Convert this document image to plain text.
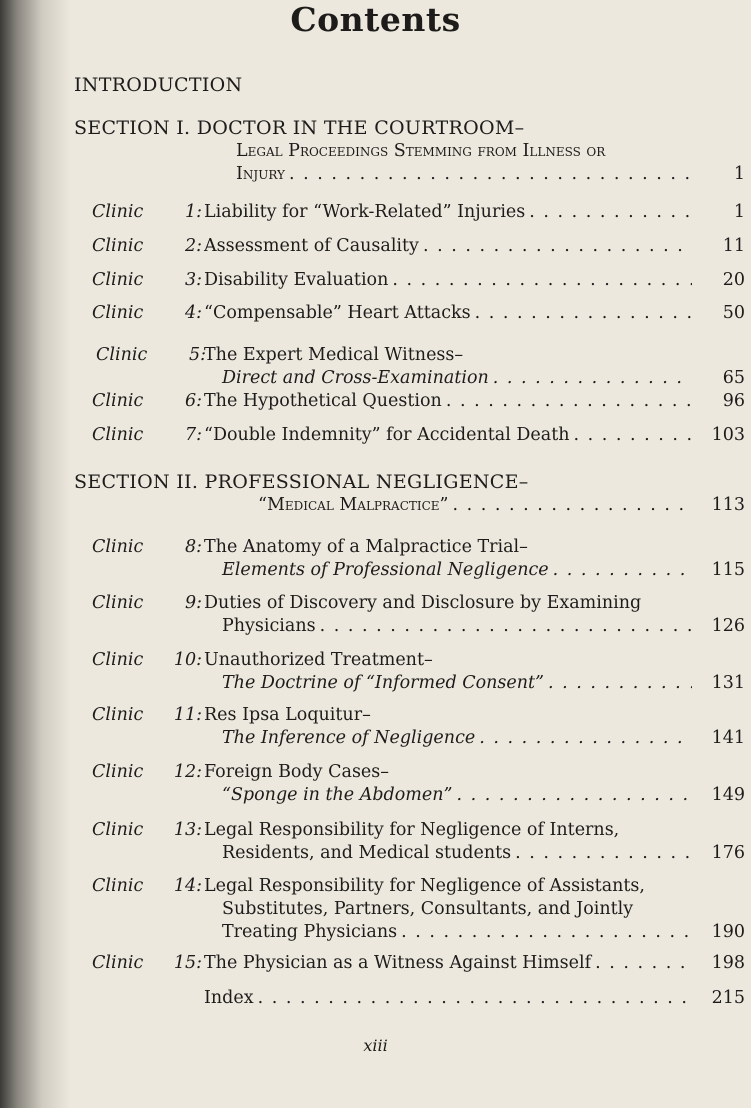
Contents
INTRODUCTION
SECTION I. DOCTOR IN THE COURTROOM–
Legal Proceedings Stemming from Illness or
Injury . . .	1
Clinic 1: Liability for “Work-Related” Injuries . . .	1
Clinic 2: Assessment of Causality . . .	11
Clinic 3: Disability Evaluation . . .	20
Clinic 4: “Compensable” Heart Attacks . . .	50
Clinic 5:
The Expert Medical Witness–
Direct and Cross-Examination . . .	65
Clinic 6: The Hypothetical Question . . .	96
Clinic 7: “Double Indemnity” for Accidental Death . . .	103
SECTION II. PROFESSIONAL NEGLIGENCE–
“Medical Malpractice” . . .	113
Clinic 8: The Anatomy of a Malpractice Trial–
Elements of Professional Negligence . . .	115
Clinic 9: Duties of Discovery and Disclosure by Examining
Physicians . . .	126
Clinic 10: Unauthorized Treatment–
The Doctrine of “Informed Consent” . . .	131
Clinic 11: Res Ipsa Loquitur–
The Inference of Negligence . . .	141
Clinic 12: Foreign Body Cases–
“Sponge in the Abdomen” . . .	149
Clinic 13: Legal Responsibility for Negligence of Interns,
Residents, and Medical students . . .	176
Clinic 14: Legal Responsibility for Negligence of Assistants,
Substitutes, Partners, Consultants, and Jointly
Treating Physicians . . .	190
Clinic 15: The Physician as a Witness Against Himself . . .	198
Index . . .	215
xiii
